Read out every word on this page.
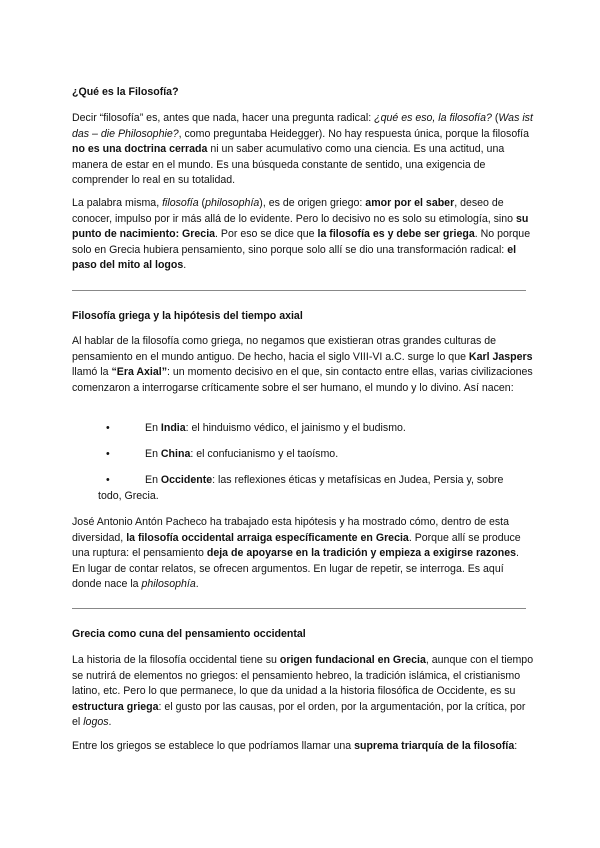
¿Qué es la Filosofía?

Decir “filosofía” es, antes que nada, hacer una pregunta radical: ¿qué es eso, la filosofía? (Was ist das – die Philosophie?, como preguntaba Heidegger). No hay respuesta única, porque la filosofía no es una doctrina cerrada ni un saber acumulativo como una ciencia. Es una actitud, una manera de estar en el mundo. Es una búsqueda constante de sentido, una exigencia de comprender lo real en su totalidad.

La palabra misma, filosofía (philosophía), es de origen griego: amor por el saber, deseo de conocer, impulso por ir más allá de lo evidente. Pero lo decisivo no es solo su etimología, sino su punto de nacimiento: Grecia. Por eso se dice que la filosofía es y debe ser griega. No porque solo en Grecia hubiera pensamiento, sino porque solo allí se dio una transformación radical: el paso del mito al logos.

Filosofía griega y la hipótesis del tiempo axial

Al hablar de la filosofía como griega, no negamos que existieran otras grandes culturas de pensamiento en el mundo antiguo. De hecho, hacia el siglo VIII-VI a.C. surge lo que Karl Jaspers llamó la “Era Axial”: un momento decisivo en el que, sin contacto entre ellas, varias civilizaciones comenzaron a interrogarse críticamente sobre el ser humano, el mundo y lo divino. Así nacen:

•	En India: el hinduismo védico, el jainismo y el budismo.
•	En China: el confucianismo y el taoísmo.
•	En Occidente: las reflexiones éticas y metafísicas en Judea, Persia y, sobre
todo, Grecia.

José Antonio Antón Pacheco ha trabajado esta hipótesis y ha mostrado cómo, dentro de esta diversidad, la filosofía occidental arraiga específicamente en Grecia. Porque allí se produce una ruptura: el pensamiento deja de apoyarse en la tradición y empieza a exigirse razones. En lugar de contar relatos, se ofrecen argumentos. En lugar de repetir, se interroga. Es aquí donde nace la philosophía.

Grecia como cuna del pensamiento occidental

La historia de la filosofía occidental tiene su origen fundacional en Grecia, aunque con el tiempo se nutrirá de elementos no griegos: el pensamiento hebreo, la tradición islámica, el cristianismo latino, etc. Pero lo que permanece, lo que da unidad a la historia filosófica de Occidente, es su estructura griega: el gusto por las causas, por el orden, por la argumentación, por la crítica, por el logos.

Entre los griegos se establece lo que podríamos llamar una suprema triarquía de la filosofía:
